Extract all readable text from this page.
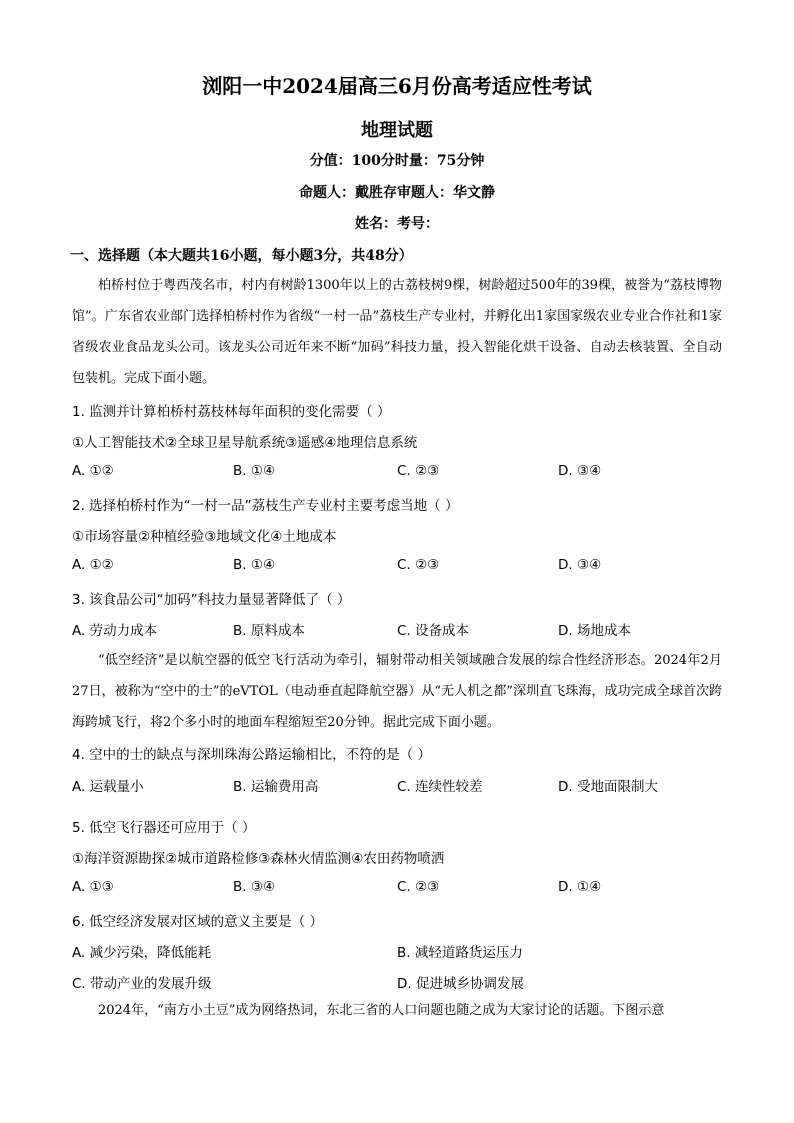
浏阳一中2024届高三6月份高考适应性考试
地理试题
分值：100分时量：75分钟
命题人：戴胜存审题人：华文静
姓名：考号：
一、选择题（本大题共16小题，每小题3分，共48分）
柏桥村位于粤西茂名市，村内有树龄1300年以上的古荔枝树9棵，树龄超过500年的39棵，被誉为“荔枝博物馆”。广东省农业部门选择柏桥村作为省级“一村一品”荔枝生产专业村，并孵化出1家国家级农业专业合作社和1家省级农业食品龙头公司。该龙头公司近年来不断“加码”科技力量，投入智能化烘干设备、自动去核装置、全自动包装机。完成下面小题。
1. 监测并计算柏桥村荔枝林每年面积的变化需要（ ）
①人工智能技术②全球卫星导航系统③遥感④地理信息系统
A. ①②	B. ①④	C. ②③	D. ③④
2. 选择柏桥村作为“一村一品”荔枝生产专业村主要考虑当地（ ）
①市场容量②种植经验③地域文化④土地成本
A. ①②	B. ①④	C. ②③	D. ③④
3. 该食品公司“加码”科技力量显著降低了（ ）
A. 劳动力成本	B. 原料成本	C. 设备成本	D. 场地成本
“低空经济”是以航空器的低空飞行活动为牵引，辐射带动相关领域融合发展的综合性经济形态。2024年2月27日，被称为“空中的士”的eVTOL（电动垂直起降航空器）从“无人机之都”深圳直飞珠海，成功完成全球首次跨海跨城飞行，将2个多小时的地面车程缩短至20分钟。据此完成下面小题。
4. 空中的士的缺点与深圳珠海公路运输相比，不符的是（ ）
A. 运载量小	B. 运输费用高	C. 连续性较差	D. 受地面限制大
5. 低空飞行器还可应用于（ ）
①海洋资源勘探②城市道路检修③森林火情监测④农田药物喷洒
A. ①③	B. ③④	C. ②③	D. ①④
6. 低空经济发展对区域的意义主要是（ ）
A. 减少污染，降低能耗	B. 减轻道路货运压力
C. 带动产业的发展升级	D. 促进城乡协调发展
2024年，“南方小土豆”成为网络热词，东北三省的人口问题也随之成为大家讨论的话题。下图示意
